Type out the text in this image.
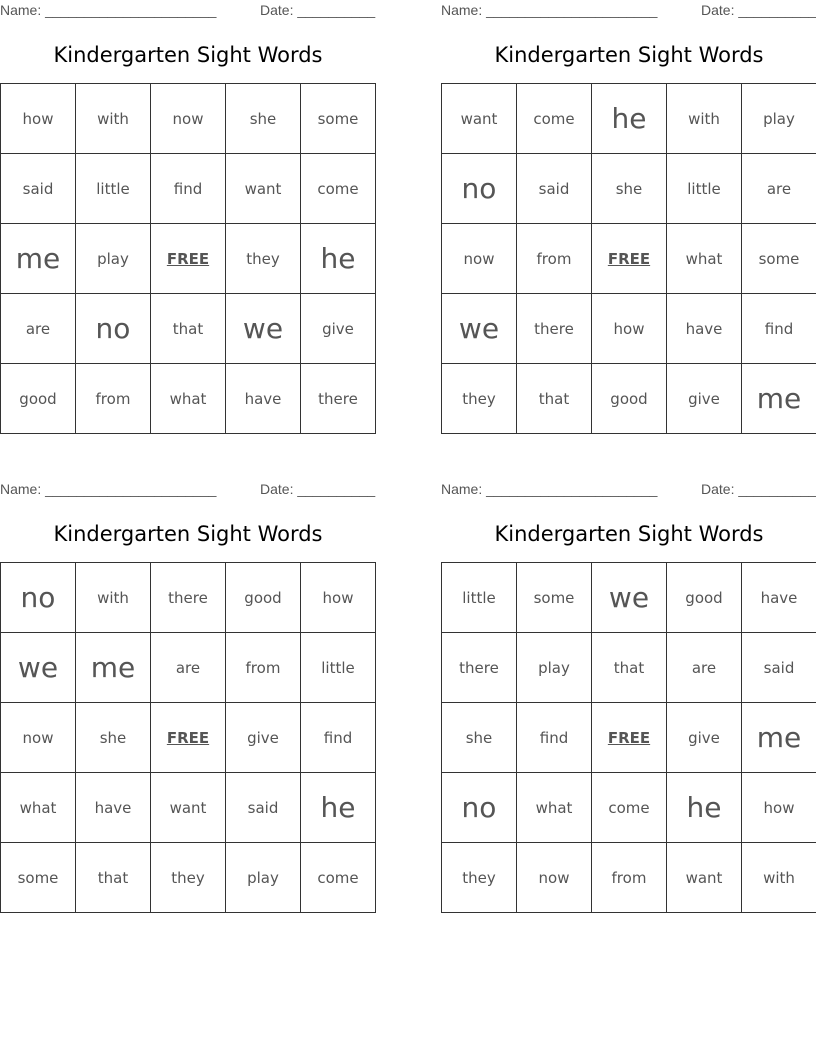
Name: ______________________	Date: __________
Kindergarten Sight Words
how	with	now	she	some
said	little	find	want	come
me	play	FREE	they	he
are	no	that	we	give
good	from	what	have	there
Name: ______________________	Date: __________
Kindergarten Sight Words
want	come	he	with	play
no	said	she	little	are
now	from	FREE	what	some
we	there	how	have	find
they	that	good	give	me
Name: ______________________	Date: __________
Kindergarten Sight Words
no	with	there	good	how
we	me	are	from	little
now	she	FREE	give	find
what	have	want	said	he
some	that	they	play	come
Name: ______________________	Date: __________
Kindergarten Sight Words
little	some	we	good	have
there	play	that	are	said
she	find	FREE	give	me
no	what	come	he	how
they	now	from	want	with
